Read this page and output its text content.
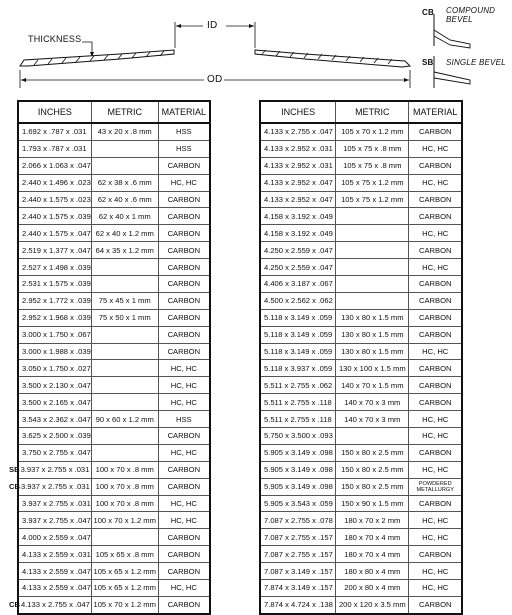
THICKNESS
ID
OD
CB COMPOUND BEVEL
SB SINGLE BEVEL
INCHES	METRIC	MATERIAL
1.692 x .787 x .031	43 x 20 x .8 mm	HSS
1.793 x .787 x .031		HSS
2.066 x 1.063 x .047		CARBON
2.440 x 1.496 x .023	62 x 38 x .6 mm	HC, HC
2.440 x 1.575 x .023	62 x 40 x .6 mm	CARBON
2.440 x 1.575 x .039	62 x 40 x 1 mm	CARBON
2.440 x 1.575 x .047	62 x 40 x 1.2 mm	CARBON
2.519 x 1.377 x .047	64 x 35 x 1.2 mm	CARBON
2.527 x 1.498 x .039		CARBON
2.531 x 1.575 x .039		CARBON
2.952 x 1.772 x .039	75 x 45 x 1 mm	CARBON
2.952 x 1.968 x .039	75 x 50 x 1 mm	CARBON
3.000 x 1.750 x .067		CARBON
3.000 x 1.988 x .039		CARBON
3.050 x 1.750 x .027		HC, HC
3.500 x 2.130 x .047		HC, HC
3.500 x 2.165 x .047		HC, HC
3.543 x 2.362 x .047	90 x 60 x 1.2 mm	HSS
3.625 x 2.500 x .039		CARBON
3.750 x 2.755 x .047		HC, HC
SB3.937 x 2.755 x .031	100 x 70 x .8 mm	CARBON
CB3.937 x 2.755 x .031	100 x 70 x .8 mm	CARBON
3.937 x 2.755 x .031	100 x 70 x .8 mm	HC, HC
3.937 x 2.755 x .047	100 x 70 x 1.2 mm	HC, HC
4.000 x 2.559 x .047		CARBON
4.133 x 2.559 x .031	105 x 65 x .8 mm	CARBON
4.133 x 2.559 x .047	105 x 65 x 1.2 mm	CARBON
4.133 x 2.559 x .047	105 x 65 x 1.2 mm	HC, HC
CB4.133 x 2.755 x .047	105 x 70 x 1.2 mm	CARBON
INCHES	METRIC	MATERIAL
4.133 x 2.755 x .047	105 x 70 x 1.2 mm	CARBON
4.133 x 2.952 x .031	105 x 75 x .8 mm	HC, HC
4.133 x 2.952 x .031	105 x 75 x .8 mm	CARBON
4.133 x 2.952 x .047	105 x 75 x 1.2 mm	HC, HC
4.133 x 2.952 x .047	105 x 75 x 1.2 mm	CARBON
4.158 x 3.192 x .049		CARBON
4.158 x 3.192 x .049		HC, HC
4.250 x 2.559 x .047		CARBON
4.250 x 2.559 x .047		HC, HC
4.406 x 3.187 x .067		CARBON
4.500 x 2.562 x .062		CARBON
5.118 x 3.149 x .059	130 x 80 x 1.5 mm	CARBON
5.118 x 3.149 x .059	130 x 80 x 1.5 mm	CARBON
5.118 x 3.149 x .059	130 x 80 x 1.5 mm	HC, HC
5.118 x 3.937 x .059	130 x 100 x 1.5 mm	CARBON
5.511 x 2.755 x .062	140 x 70 x 1.5 mm	CARBON
5.511 x 2.755 x .118	140 x 70 x 3 mm	CARBON
5.511 x 2.755 x .118	140 x 70 x 3 mm	HC, HC
5.750 x 3.500 x .093		HC, HC
5.905 x 3.149 x .098	150 x 80 x 2.5 mm	CARBON
5.905 x 3.149 x .098	150 x 80 x 2.5 mm	HC, HC
5.905 x 3.149 x .098	150 x 80 x 2.5 mm	POWDERED
METALLURGY

5.905 x 3.543 x .059	150 x 90 x 1.5 mm	CARBON
7.087 x 2.755 x .078	180 x 70 x 2 mm	HC, HC
7.087 x 2.755 x .157	180 x 70 x 4 mm	HC, HC
7.087 x 2.755 x .157	180 x 70 x 4 mm	CARBON
7.087 x 3.149 x .157	180 x 80 x 4 mm	HC, HC
7.874 x 3.149 x .157	200 x 80 x 4 mm	HC, HC
7.874 x 4.724 x .138	200 x 120 x 3.5 mm	CARBON
